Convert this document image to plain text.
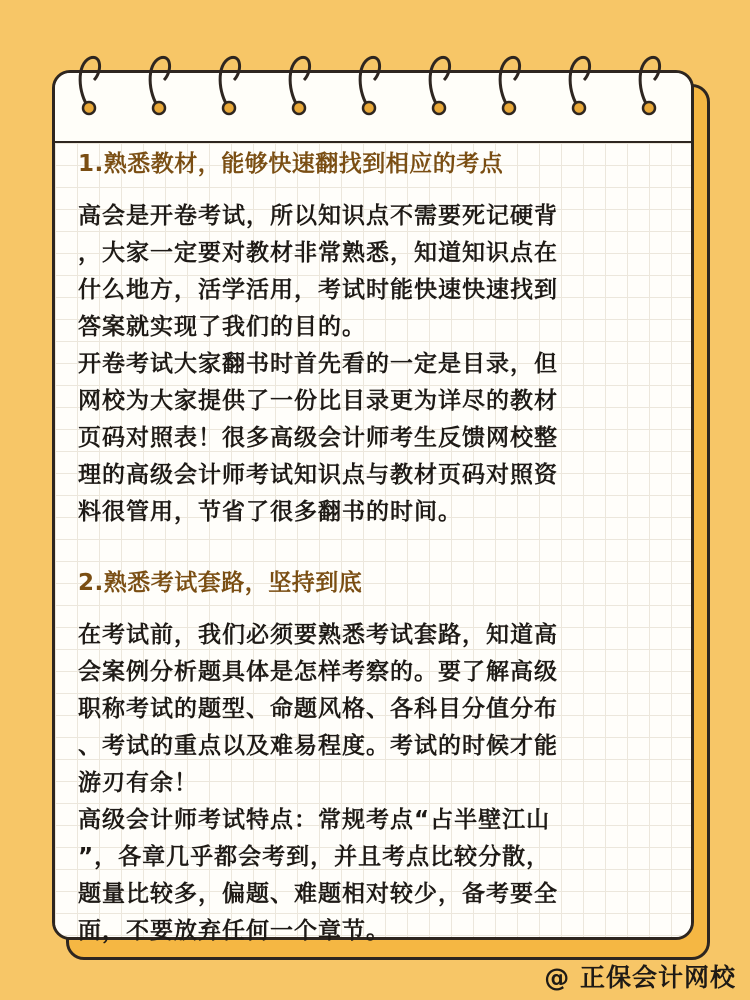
1.熟悉教材，能够快速翻找到相应的考点

高会是开卷考试，所以知识点不需要死记硬背

，大家一定要对教材非常熟悉，知道知识点在

什么地方，活学活用，考试时能快速快速找到

答案就实现了我们的目的。

开卷考试大家翻书时首先看的一定是目录，但

网校为大家提供了一份比目录更为详尽的教材

页码对照表！很多高级会计师考生反馈网校整

理的高级会计师考试知识点与教材页码对照资

料很管用，节省了很多翻书的时间。

2.熟悉考试套路，坚持到底

在考试前，我们必须要熟悉考试套路，知道高

会案例分析题具体是怎样考察的。要了解高级

职称考试的题型、命题风格、各科目分值分布

、考试的重点以及难易程度。考试的时候才能

游刃有余！

高级会计师考试特点：常规考点“占半壁江山

”，各章几乎都会考到，并且考点比较分散，

题量比较多，偏题、难题相对较少，备考要全

面，不要放弃任何一个章节。

@ 正保会计网校
